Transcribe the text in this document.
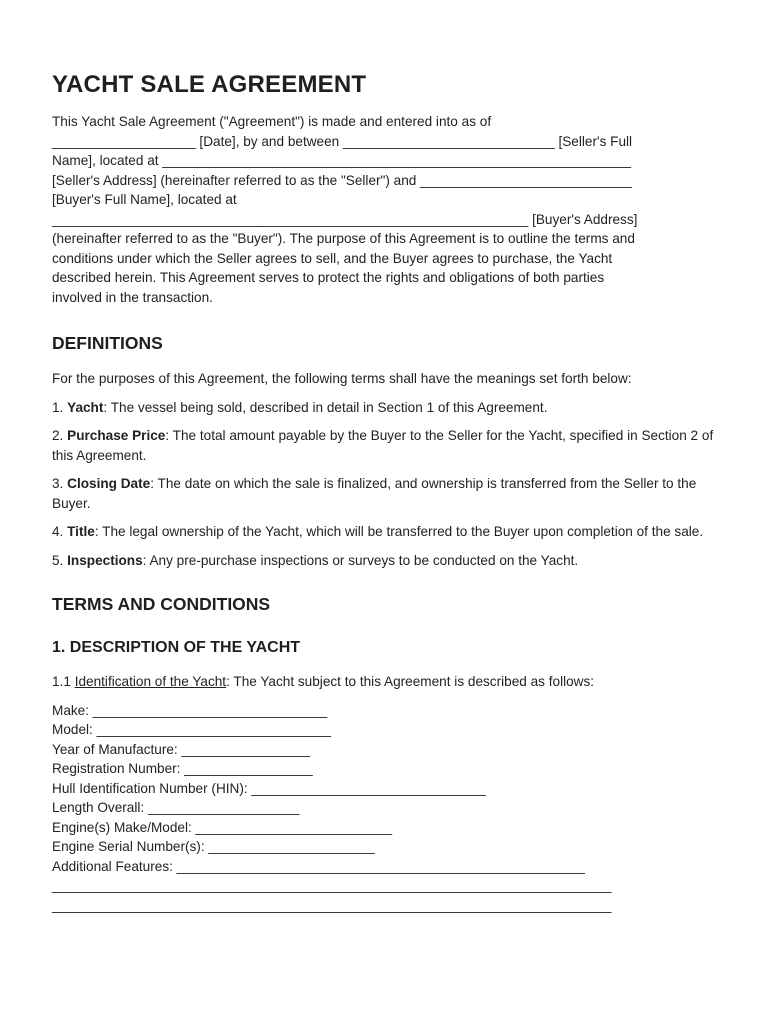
YACHT SALE AGREEMENT
This Yacht Sale Agreement ("Agreement") is made and entered into as of
___________________ [Date], by and between ____________________________ [Seller's Full
Name], located at ______________________________________________________________
[Seller's Address] (hereinafter referred to as the "Seller") and ____________________________
[Buyer's Full Name], located at
_______________________________________________________________ [Buyer's Address]
(hereinafter referred to as the "Buyer"). The purpose of this Agreement is to outline the terms and
conditions under which the Seller agrees to sell, and the Buyer agrees to purchase, the Yacht
described herein. This Agreement serves to protect the rights and obligations of both parties
involved in the transaction.
DEFINITIONS

For the purposes of this Agreement, the following terms shall have the meanings set forth below:

1. Yacht: The vessel being sold, described in detail in Section 1 of this Agreement.

2. Purchase Price: The total amount payable by the Buyer to the Seller for the Yacht, specified in Section 2 of this Agreement.

3. Closing Date: The date on which the sale is finalized, and ownership is transferred from the Seller to the Buyer.

4. Title: The legal ownership of the Yacht, which will be transferred to the Buyer upon completion of the sale.

5. Inspections: Any pre-purchase inspections or surveys to be conducted on the Yacht.

TERMS AND CONDITIONS
1. DESCRIPTION OF THE YACHT

1.1 Identification of the Yacht: The Yacht subject to this Agreement is described as follows:

Make: _______________________________
Model: _______________________________
Year of Manufacture: _________________
Registration Number: _________________
Hull Identification Number (HIN): _______________________________
Length Overall: ____________________
Engine(s) Make/Model: __________________________
Engine Serial Number(s): ______________________
Additional Features: ______________________________________________________
__________________________________________________________________________
__________________________________________________________________________
